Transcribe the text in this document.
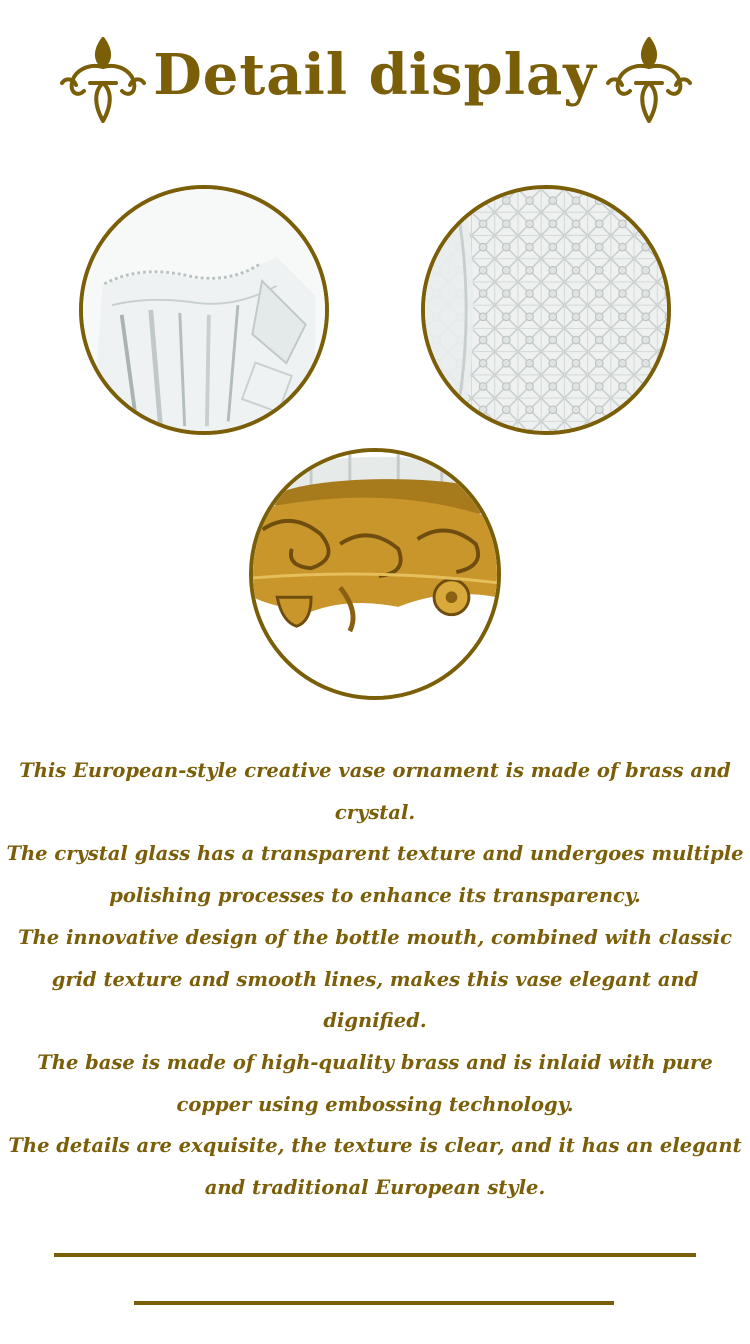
Detail display

This European-style creative vase ornament is made of brass and crystal.

The crystal glass has a transparent texture and undergoes multiple polishing processes to enhance its transparency.

The innovative design of the bottle mouth, combined with classic grid texture and smooth lines, makes this vase elegant and dignified.

The base is made of high-quality brass and is inlaid with pure copper using embossing technology.

The details are exquisite, the texture is clear, and it has an elegant and traditional European style.
